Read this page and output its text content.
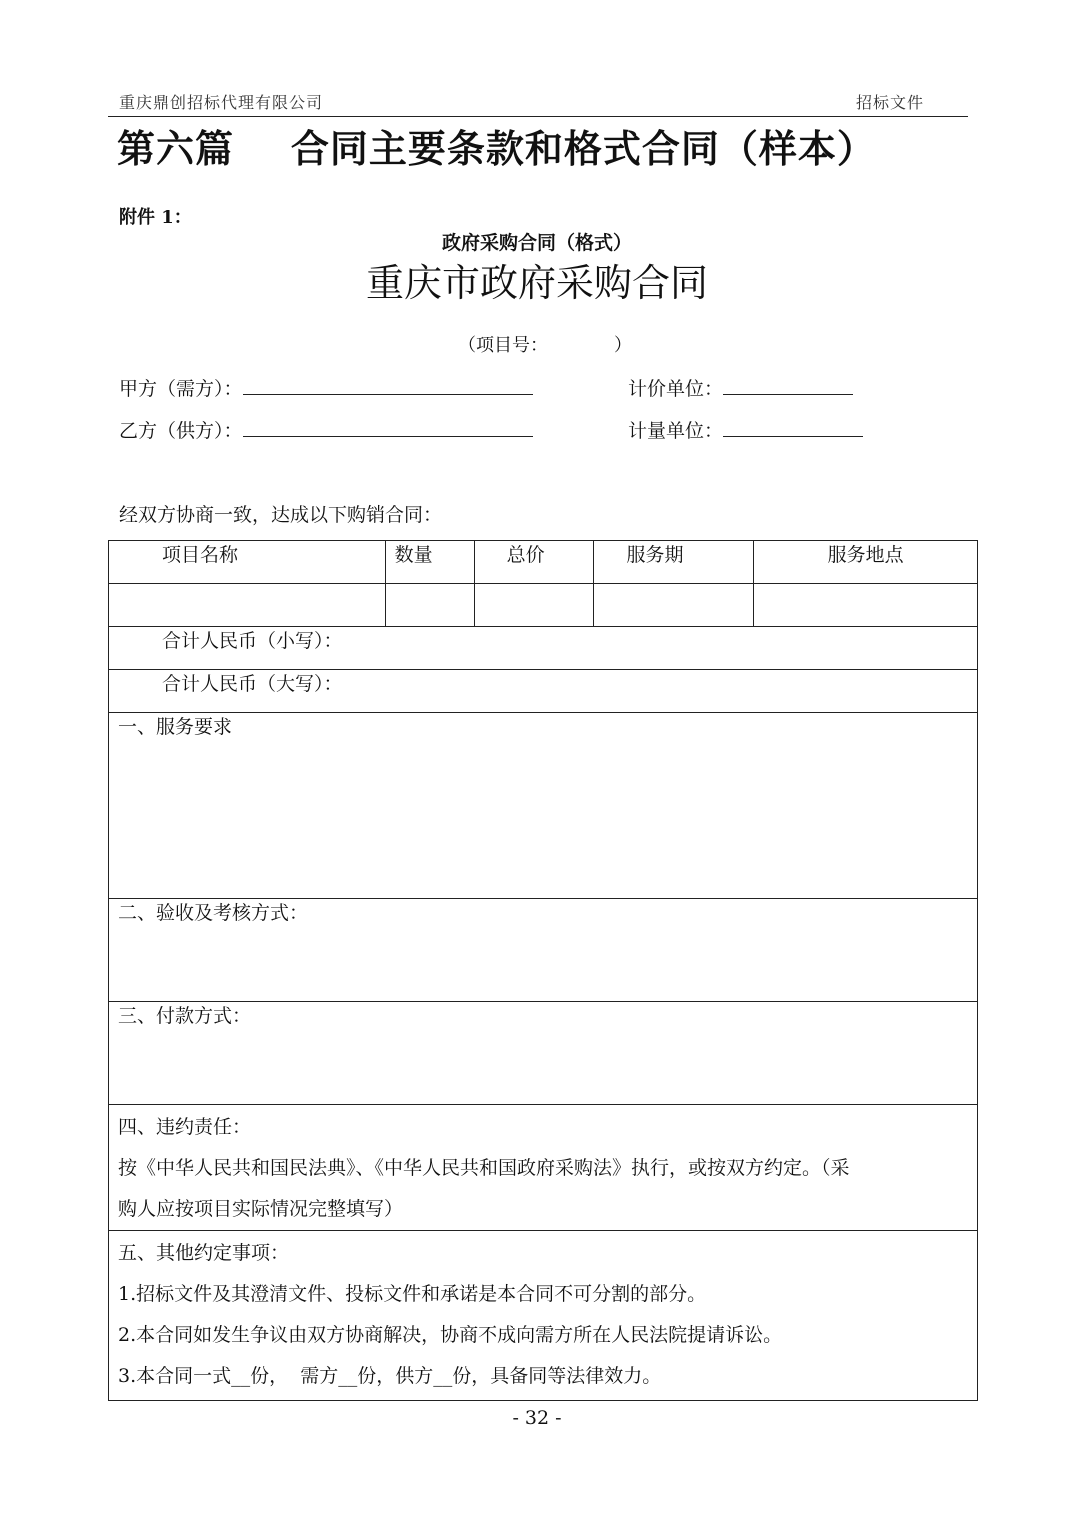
重庆鼎创招标代理有限公司	招标文件
第六篇    合同主要条款和格式合同（样本）
附件 1：
政府采购合同（格式）
重庆市政府采购合同
（项目号：	）
甲方（需方）：	计价单位：
乙方（供方）：	计量单位：
经双方协商一致，达成以下购销合同：
项目名称	数量	总价	服务期	服务地点

合计人民币（小写）：				
合计人民币（大写）：				
一、服务要求				
二、验收及考核方式：				
三、付款方式：				

四、违约责任：
按《中华人民共和国民法典》、《中华人民共和国政府采购法》执行，或按双方约定。（采
购人应按项目实际情况完整填写）				

五、其他约定事项：
1.招标文件及其澄清文件、投标文件和承诺是本合同不可分割的部分。
2.本合同如发生争议由双方协商解决，协商不成向需方所在人民法院提请诉讼。
3.本合同一式__份，  需方__份，供方__份，具备同等法律效力。				
- 32 -
